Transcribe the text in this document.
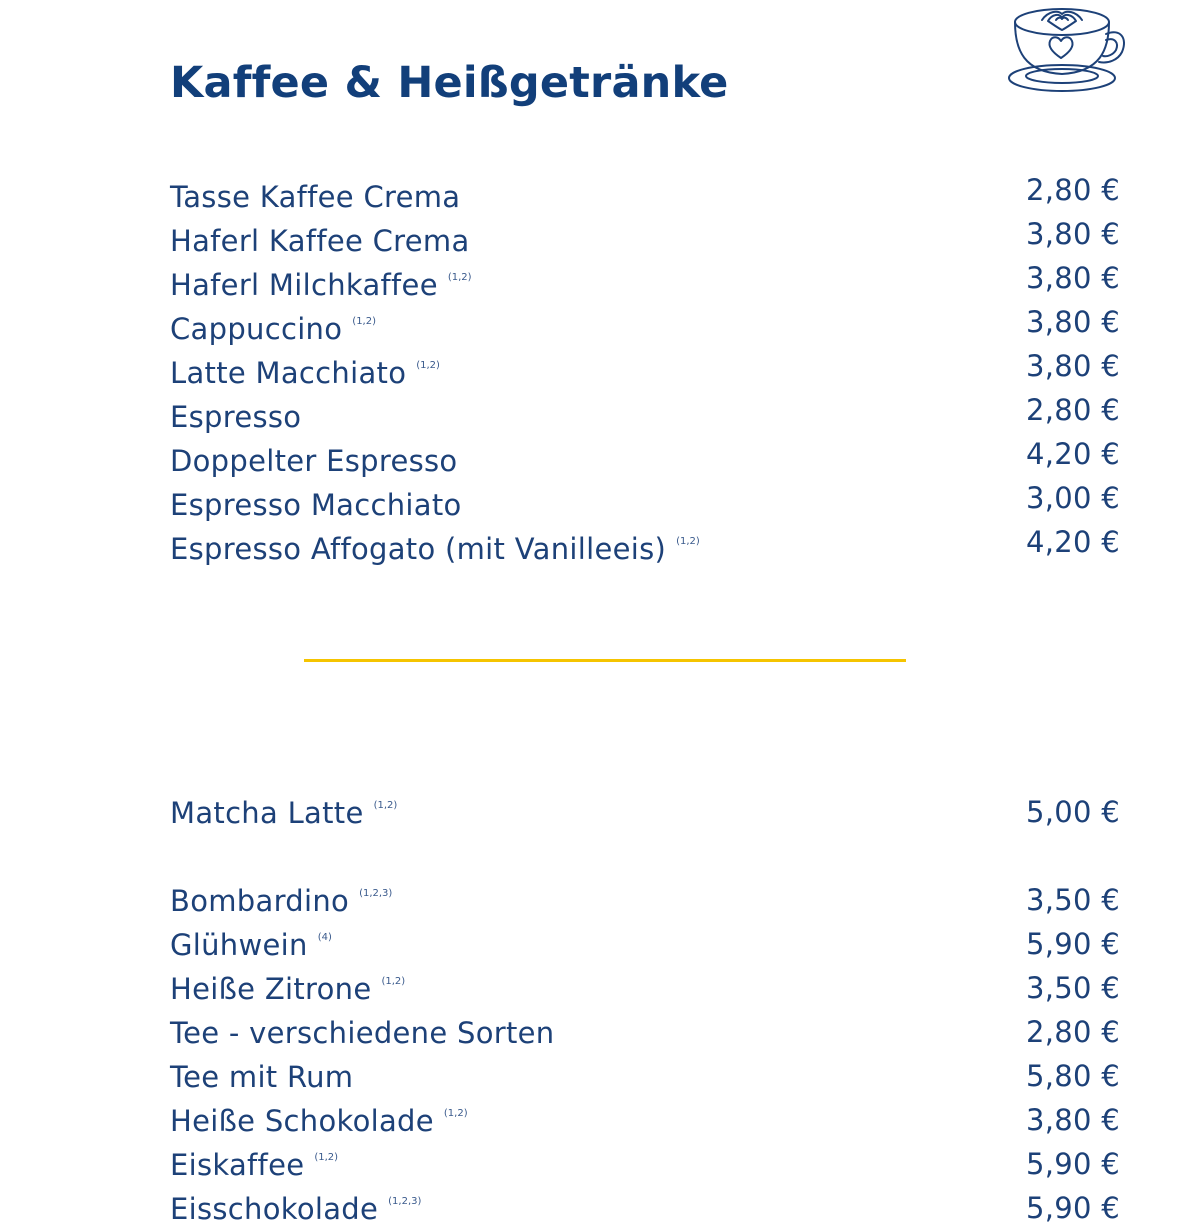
Kaffee & Heißgetränke
Tasse Kaffee Crema	2,80 €
Haferl Kaffee Crema	3,80 €
Haferl Milchkaffee $^{(1,2)}$	3,80 €
Cappuccino $^{(1,2)}$	3,80 €
Latte Macchiato $^{(1,2)}$	3,80 €
Espresso	2,80 €
Doppelter Espresso	4,20 €
Espresso Macchiato	3,00 €
Espresso Affogato (mit Vanilleeis) $^{(1,2)}$	4,20 €
Matcha Latte $^{(1,2)}$	5,00 €
Bombardino $^{(1,2,3)}$	3,50 €
Glühwein $^{(4)}$	5,90 €
Heiße Zitrone $^{(1,2)}$	3,50 €
Tee - verschiedene Sorten	2,80 €
Tee mit Rum	5,80 €
Heiße Schokolade $^{(1,2)}$	3,80 €
Eiskaffee $^{(1,2)}$	5,90 €
Eisschokolade $^{(1,2,3)}$	5,90 €
